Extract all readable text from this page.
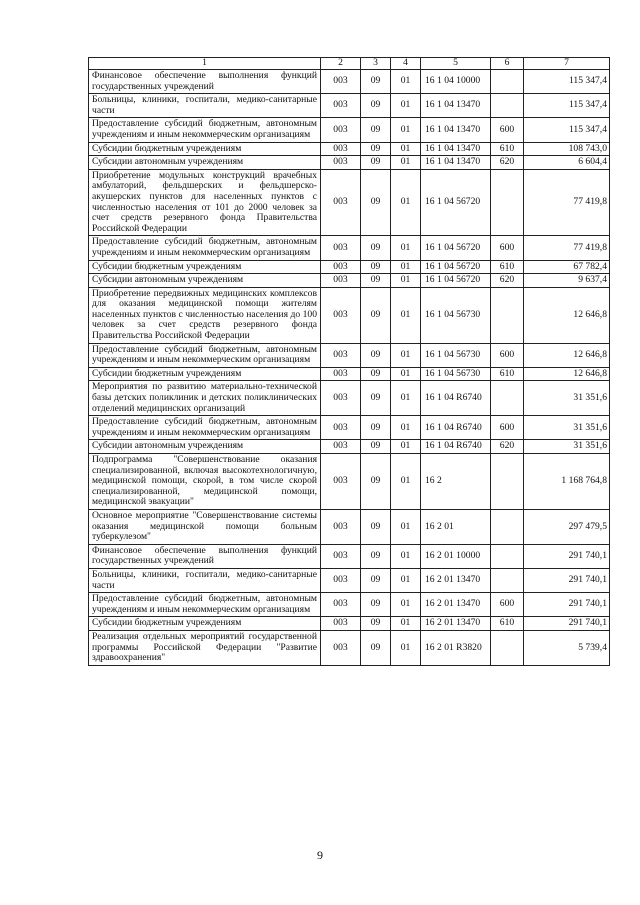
1	2	3	4	5	6	7
Финансовое обеспечение выполнения функций государственных учреждений	003	09	01	16 1 04 10000		115 347,4
Больницы, клиники, госпитали, медико-санитарные части	003	09	01	16 1 04 13470		115 347,4
Предоставление субсидий бюджетным, автономным учреждениям и иным некоммерческим организациям	003	09	01	16 1 04 13470	600	115 347,4
Субсидии бюджетным учреждениям	003	09	01	16 1 04 13470	610	108 743,0
Субсидии автономным учреждениям	003	09	01	16 1 04 13470	620	6 604,4
Приобретение модульных конструкций врачебных амбулаторий, фельдшерских и фельдшерско-акушерских пунктов для населенных пунктов с численностью населения от 101 до 2000 человек за счет средств резервного фонда Правительства Российской Федерации	003	09	01	16 1 04 56720		77 419,8
Предоставление субсидий бюджетным, автономным учреждениям и иным некоммерческим организациям	003	09	01	16 1 04 56720	600	77 419,8
Субсидии бюджетным учреждениям	003	09	01	16 1 04 56720	610	67 782,4
Субсидии автономным учреждениям	003	09	01	16 1 04 56720	620	9 637,4
Приобретение передвижных медицинских комплексов для оказания медицинской помощи жителям населенных пунктов с численностью населения до 100 человек за счет средств резервного фонда Правительства Российской Федерации	003	09	01	16 1 04 56730		12 646,8
Предоставление субсидий бюджетным, автономным учреждениям и иным некоммерческим организациям	003	09	01	16 1 04 56730	600	12 646,8
Субсидии бюджетным учреждениям	003	09	01	16 1 04 56730	610	12 646,8
Мероприятия по развитию материально-технической базы детских поликлиник и детских поликлинических отделений медицинских организаций	003	09	01	16 1 04 R6740		31 351,6
Предоставление субсидий бюджетным, автономным учреждениям и иным некоммерческим организациям	003	09	01	16 1 04 R6740	600	31 351,6
Субсидии автономным учреждениям	003	09	01	16 1 04 R6740	620	31 351,6
Подпрограмма "Совершенствование оказания специализированной, включая высокотехнологичную, медицинской помощи, скорой, в том числе скорой специализированной, медицинской помощи, медицинской эвакуации"	003	09	01	16 2		1 168 764,8
Основное мероприятие "Совершенствование системы оказания медицинской помощи больным туберкулезом"	003	09	01	16 2 01		297 479,5
Финансовое обеспечение выполнения функций государственных учреждений	003	09	01	16 2 01 10000		291 740,1
Больницы, клиники, госпитали, медико-санитарные части	003	09	01	16 2 01 13470		291 740,1
Предоставление субсидий бюджетным, автономным учреждениям и иным некоммерческим организациям	003	09	01	16 2 01 13470	600	291 740,1
Субсидии бюджетным учреждениям	003	09	01	16 2 01 13470	610	291 740,1
Реализация отдельных мероприятий государственной программы Российской Федерации "Развитие здравоохранения"	003	09	01	16 2 01 R3820		5 739,4
9
